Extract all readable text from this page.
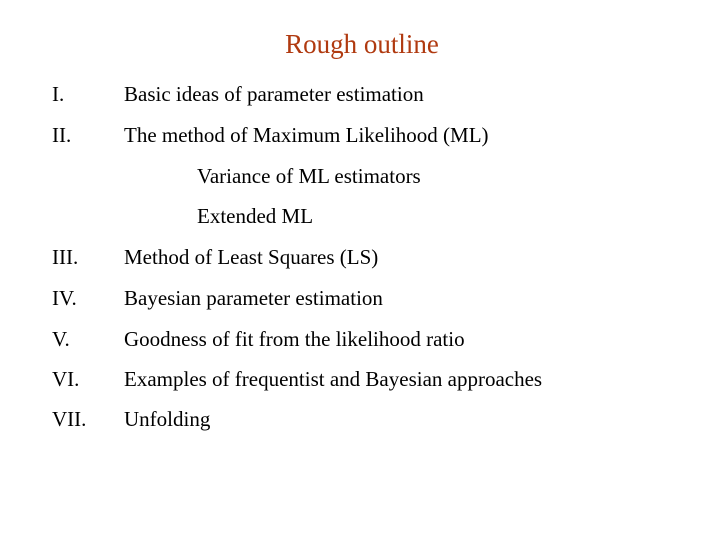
Rough outline
I.	Basic ideas of parameter estimation
II.	The method of Maximum Likelihood (ML)
Variance of ML estimators
Extended ML
III. Method of Least Squares (LS)
IV. Bayesian parameter estimation
V.	Goodness of fit from the likelihood ratio
VI. Examples of frequentist and Bayesian approaches
VII. Unfolding
